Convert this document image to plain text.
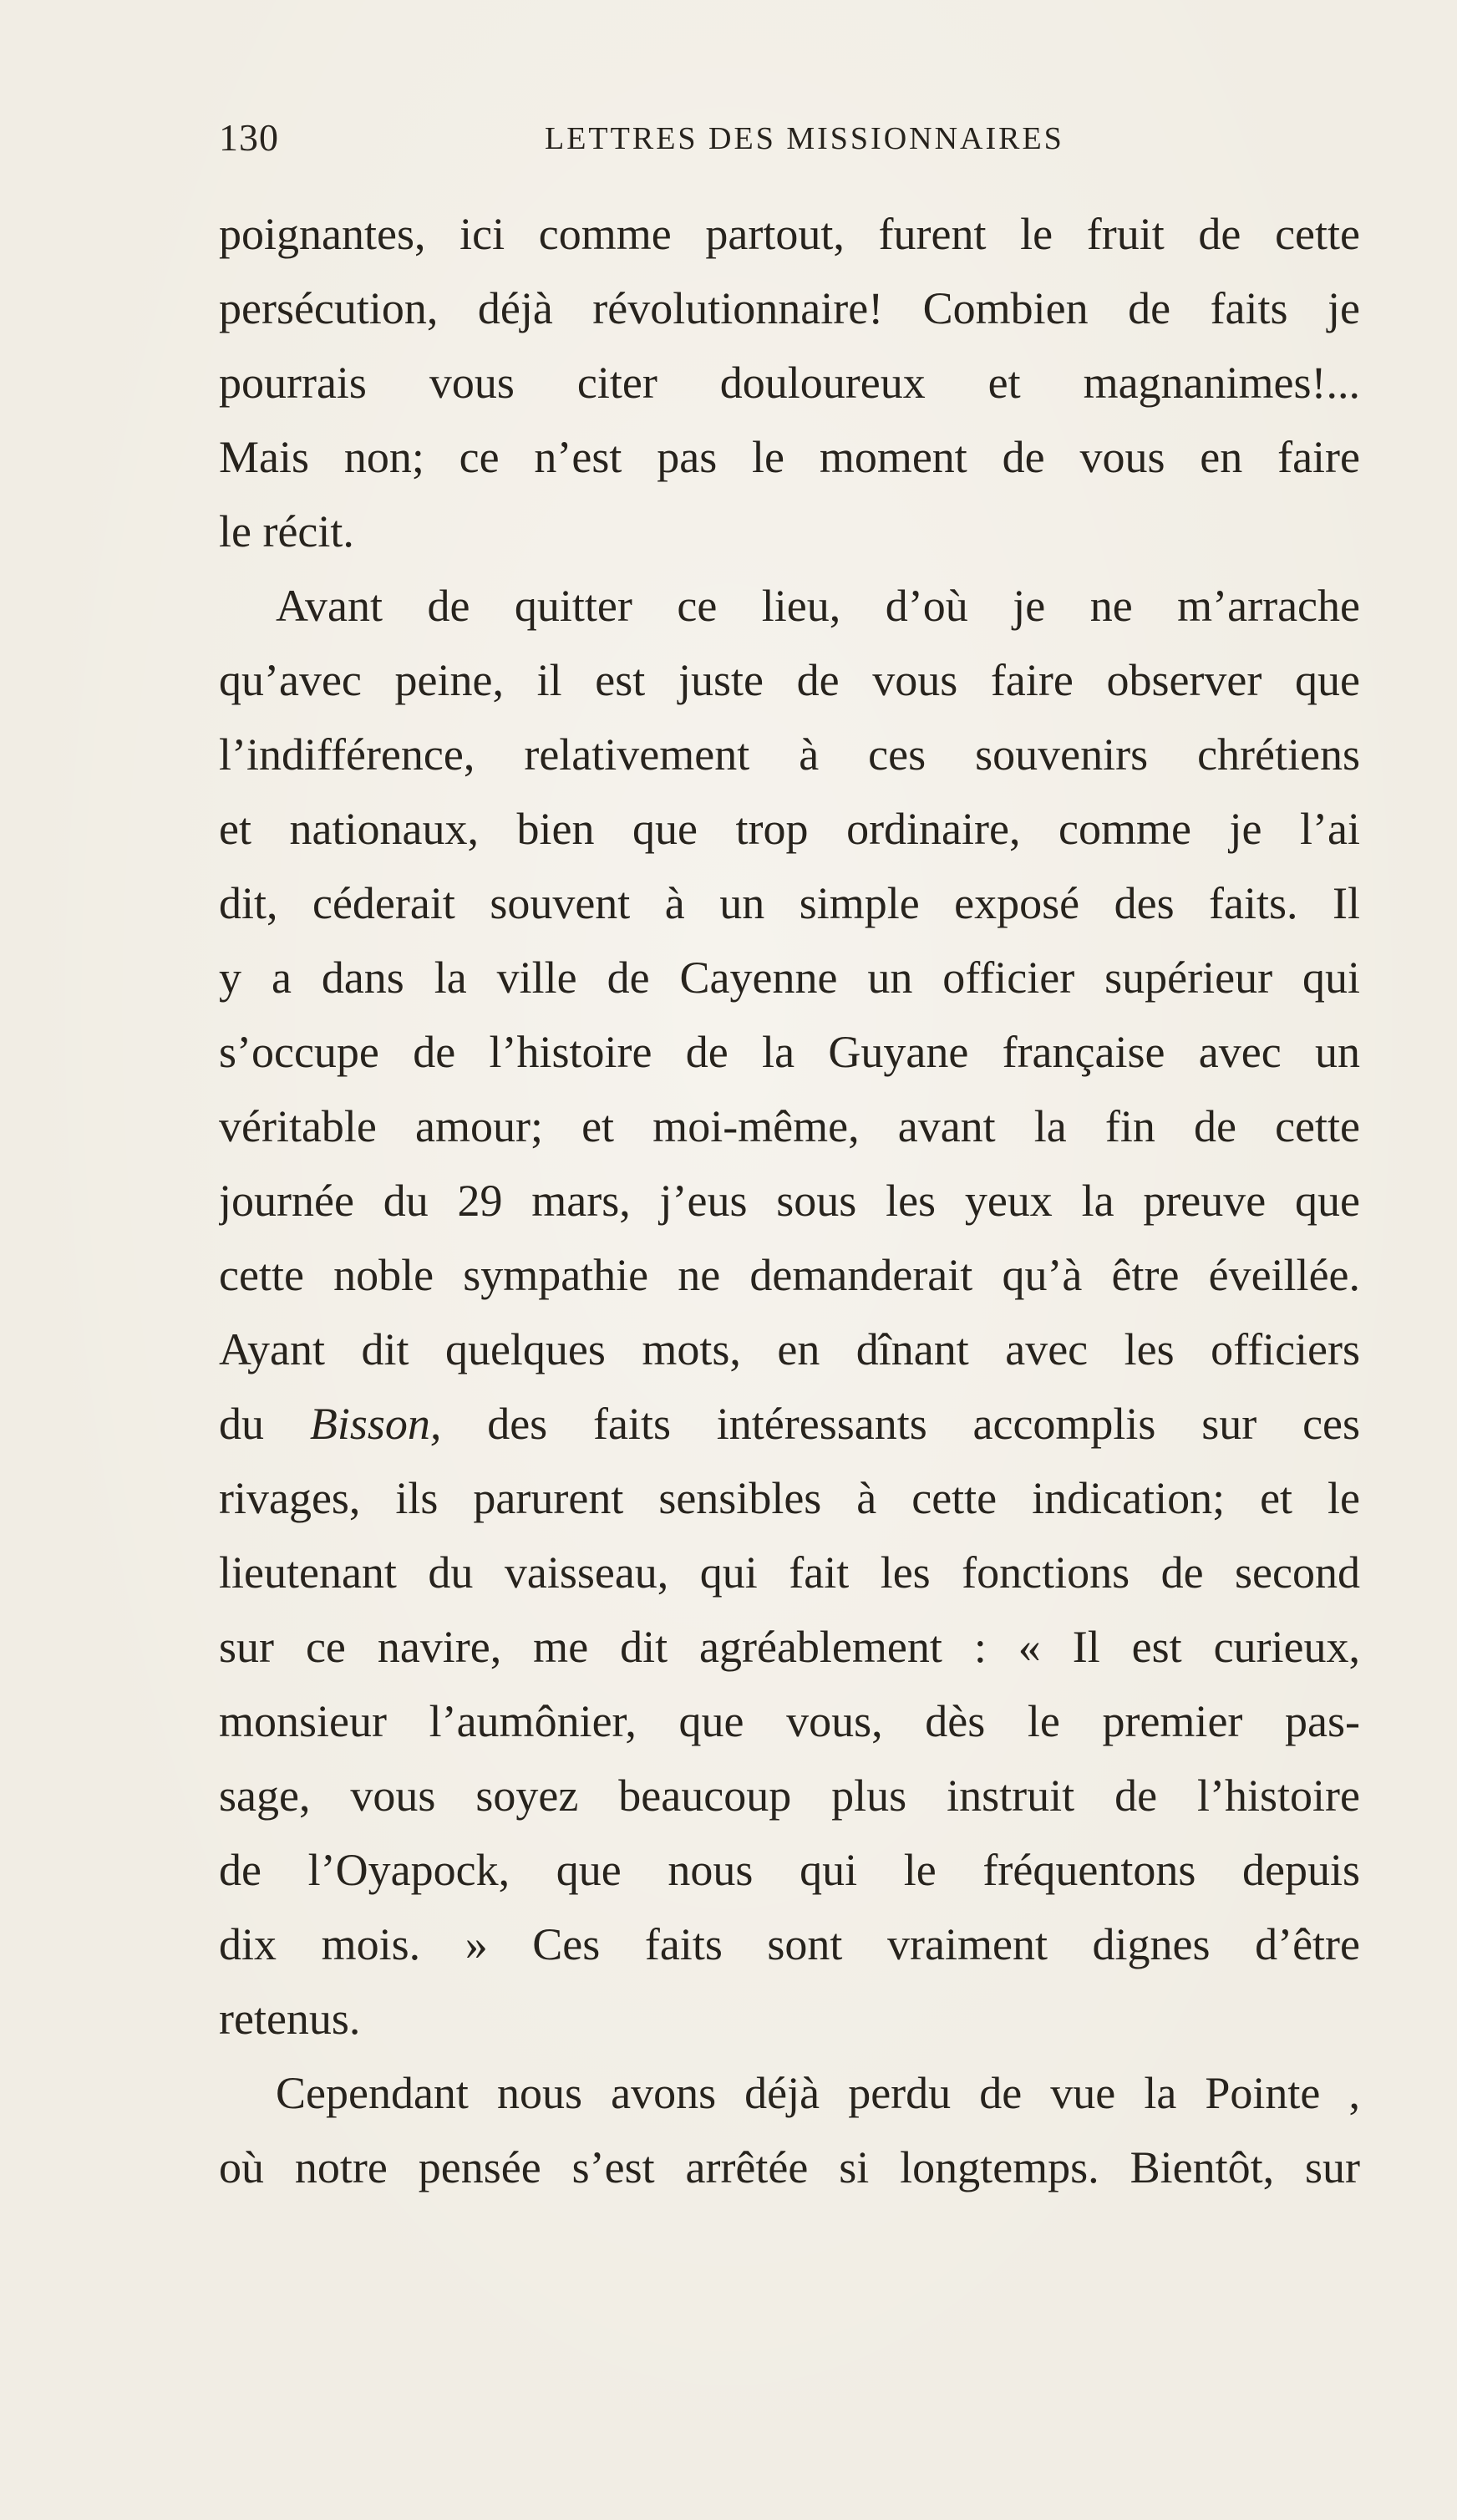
130	LETTRES DES MISSIONNAIRES
poignantes, ici comme partout, furent le fruit de cette
persécution, déjà révolutionnaire! Combien de faits je
pourrais vous citer douloureux et magnanimes!...
Mais non; ce n’est pas le moment de vous en faire
le récit.
Avant de quitter ce lieu, d’où je ne m’arrache
qu’avec peine, il est juste de vous faire observer que
l’indifférence, relativement à ces souvenirs chrétiens
et nationaux, bien que trop ordinaire, comme je l’ai
dit, céderait souvent à un simple exposé des faits. Il
y a dans la ville de Cayenne un officier supérieur qui
s’occupe de l’histoire de la Guyane française avec un
véritable amour; et moi-même, avant la fin de cette
journée du 29 mars, j’eus sous les yeux la preuve que
cette noble sympathie ne demanderait qu’à être éveillée.
Ayant dit quelques mots, en dînant avec les officiers
du Bisson, des faits intéressants accomplis sur ces
rivages, ils parurent sensibles à cette indication; et le
lieutenant du vaisseau, qui fait les fonctions de second
sur ce navire, me dit agréablement : « Il est curieux,
monsieur l’aumônier, que vous, dès le premier pas-
sage, vous soyez beaucoup plus instruit de l’histoire
de l’Oyapock, que nous qui le fréquentons depuis
dix mois. » Ces faits sont vraiment dignes d’être
retenus.
Cependant nous avons déjà perdu de vue la Pointe ,
où notre pensée s’est arrêtée si longtemps. Bientôt, sur
